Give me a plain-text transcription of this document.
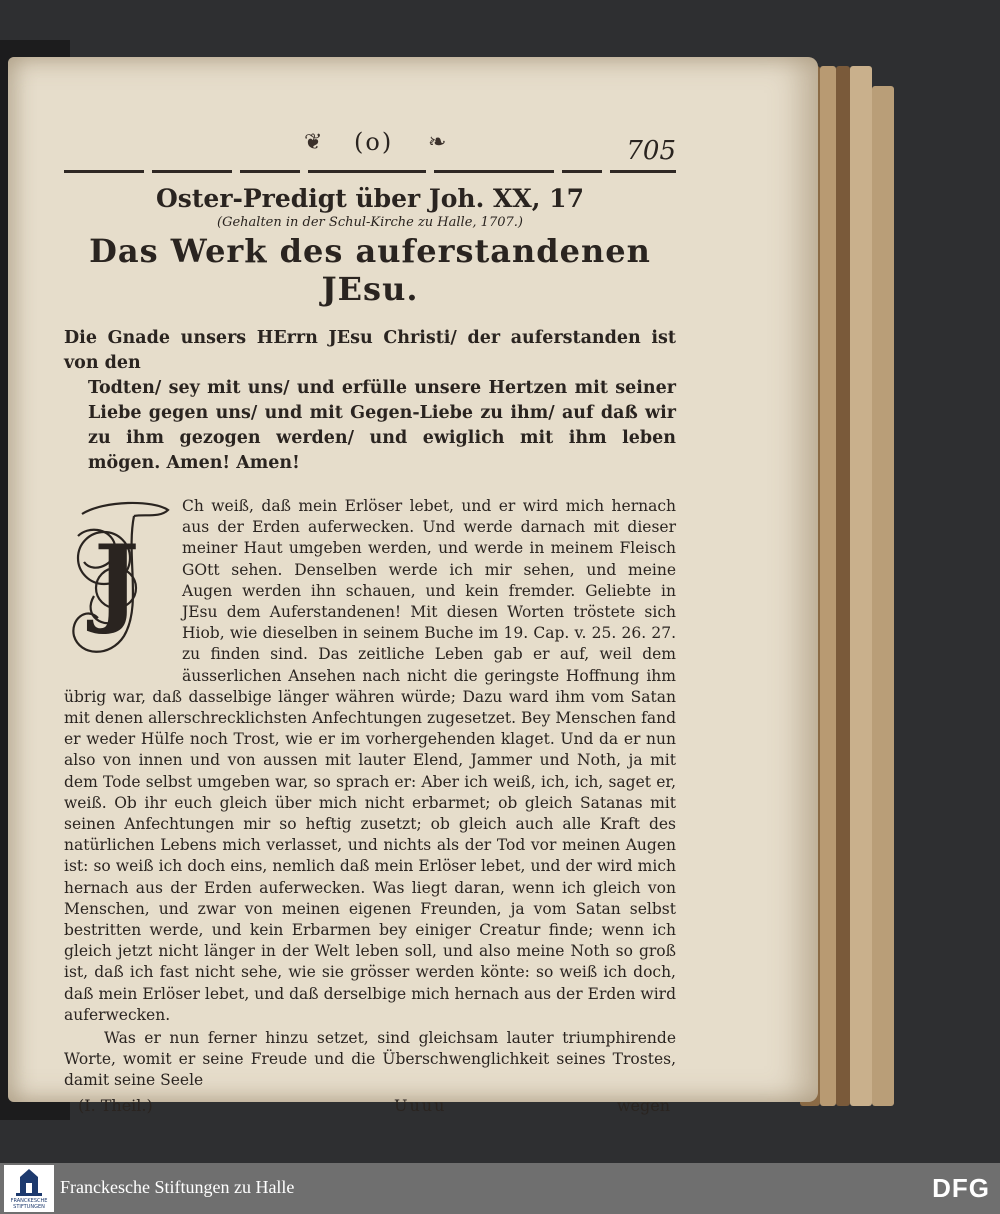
❦ (o) ❧	705
Oster-Predigt über Joh. XX, 17
(Gehalten in der Schul-Kirche zu Halle, 1707.)
Das Werk des auferstandenen JEsu.
Die Gnade unsers HErrn JEsu Christi/ der auferstanden ist von den
Todten/ sey mit uns/ und erfülle unsere Hertzen mit seiner Liebe gegen uns/ und mit Gegen-Liebe zu ihm/ auf daß wir zu ihm gezogen werden/ und ewiglich mit ihm leben mögen. Amen! Amen!
J
Ch weiß, daß mein Erlöser lebet, und er wird mich hernach aus der Erden auferwecken. Und werde darnach mit dieser meiner Haut umgeben werden, und werde in meinem Fleisch GOtt sehen. Denselben werde ich mir sehen, und meine Augen werden ihn schauen, und kein fremder. Geliebte in JEsu dem Auferstandenen! Mit diesen Worten tröstete sich Hiob, wie dieselben in seinem Buche im 19. Cap. v. 25. 26. 27. zu finden sind. Das zeitliche Leben gab er auf, weil dem äusserlichen Ansehen nach nicht die geringste Hoffnung ihm übrig war, daß dasselbige länger währen würde; Dazu ward ihm vom Satan mit denen allerschrecklichsten Anfechtungen zugesetzet. Bey Menschen fand er weder Hülfe noch Trost, wie er im vorhergehenden klaget. Und da er nun also von innen und von aussen mit lauter Elend, Jammer und Noth, ja mit dem Tode selbst umgeben war, so sprach er: Aber ich weiß, ich, ich, saget er, weiß. Ob ihr euch gleich über mich nicht erbarmet; ob gleich Satanas mit seinen Anfechtungen mir so heftig zusetzt; ob gleich auch alle Kraft des natürlichen Lebens mich verlasset, und nichts als der Tod vor meinen Augen ist: so weiß ich doch eins, nemlich daß mein Erlöser lebet, und der wird mich hernach aus der Erden auferwecken. Was liegt daran, wenn ich gleich von Menschen, und zwar von meinen eigenen Freunden, ja vom Satan selbst bestritten werde, und kein Erbarmen bey einiger Creatur finde; wenn ich gleich jetzt nicht länger in der Welt leben soll, und also meine Noth so groß ist, daß ich fast nicht sehe, wie sie grösser werden könte: so weiß ich doch, daß mein Erlöser lebet, und daß derselbige mich hernach aus der Erden wird auferwecken.
Was er nun ferner hinzu setzet, sind gleichsam lauter triumphirende Worte, womit er seine Freude und die Überschwenglichkeit seines Trostes, damit seine Seele
(I. Theil.)	Uuuu	wegen
FRANCKESCHE STIFTUNGEN
Franckesche Stiftungen zu Halle	DFG
